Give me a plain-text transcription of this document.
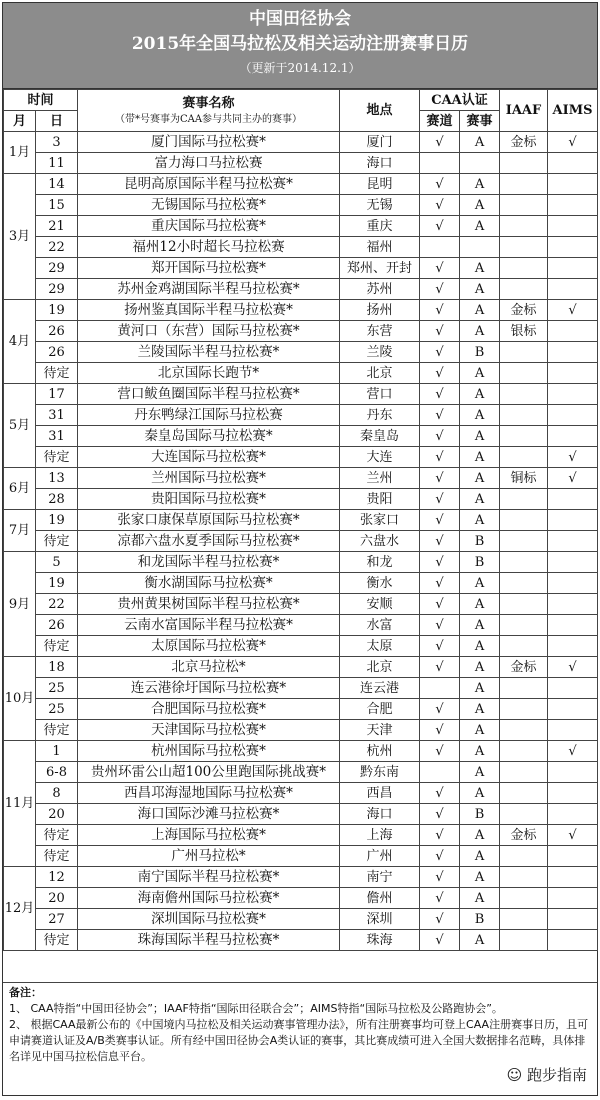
中国田径协会
2015年全国马拉松及相关运动注册赛事日历
（更新于2014.12.1）
时间		赛事名称
（带*号赛事为CAA参与共同主办的赛事）	地点	CAA认证		IAAF	AIMS
月	日			赛道	赛事		
1月	3	厦门国际马拉松赛*	厦门	√	A	金标	√
	11	富力海口马拉松赛	海口				
3月	14	昆明高原国际半程马拉松赛*	昆明	√	A		
	15	无锡国际马拉松赛*	无锡	√	A		
	21	重庆国际马拉松赛*	重庆	√	A		
	22	福州12小时超长马拉松赛	福州				
	29	郑开国际马拉松赛*	郑州、开封	√	A		
	29	苏州金鸡湖国际半程马拉松赛*	苏州	√	A		
4月	19	扬州鉴真国际半程马拉松赛*	扬州	√	A	金标	√
	26	黄河口（东营）国际马拉松赛*	东营	√	A	银标	
	26	兰陵国际半程马拉松赛*	兰陵	√	B		
	待定	北京国际长跑节*	北京	√	A		
5月	17	营口鲅鱼圈国际半程马拉松赛*	营口	√	A		
	31	丹东鸭绿江国际马拉松赛	丹东	√	A		
	31	秦皇岛国际马拉松赛*	秦皇岛	√	A		
	待定	大连国际马拉松赛*	大连	√	A		√
6月	13	兰州国际马拉松赛*	兰州	√	A	铜标	√
	28	贵阳国际马拉松赛*	贵阳	√	A		
7月	19	张家口康保草原国际马拉松赛*	张家口	√	A		
	待定	凉都六盘水夏季国际马拉松赛*	六盘水	√	B		
9月	5	和龙国际半程马拉松赛*	和龙	√	B		
	19	衡水湖国际马拉松赛*	衡水	√	A		
	22	贵州黄果树国际半程马拉松赛*	安顺	√	A		
	26	云南水富国际半程马拉松赛*	水富	√	A		
	待定	太原国际马拉松赛*	太原	√	A		
10月	18	北京马拉松*	北京	√	A	金标	√
	25	连云港徐圩国际马拉松赛*	连云港		A		
	25	合肥国际马拉松赛*	合肥	√	A		
	待定	天津国际马拉松赛*	天津	√	A		
11月	1	杭州国际马拉松赛*	杭州	√	A		√
	6-8	贵州环雷公山超100公里跑国际挑战赛*	黔东南		A		
	8	西昌邛海湿地国际马拉松赛*	西昌	√	A		
	20	海口国际沙滩马拉松赛*	海口	√	B		
	待定	上海国际马拉松赛*	上海	√	A	金标	√
	待定	广州马拉松*	广州	√	A		
12月	12	南宁国际半程马拉松赛*	南宁	√	A		
	20	海南儋州国际马拉松赛*	儋州	√	A		
	27	深圳国际马拉松赛*	深圳	√	B		
	待定	珠海国际半程马拉松赛*	珠海	√	A		
备注：
1、 CAA特指“中国田径协会”；IAAF特指“国际田径联合会”；AIMS特指“国际马拉松及公路跑协会”。
2、 根据CAA最新公布的《中国境内马拉松及相关运动赛事管理办法》，所有注册赛事均可登上CAA注册赛事日历，且可申请赛道认证及A/B类赛事认证。所有经中国田径协会A类认证的赛事，其比赛成绩可进入全国大数据排名范畴，具体排名详见中国马拉松信息平台。
☺ 跑步指南
